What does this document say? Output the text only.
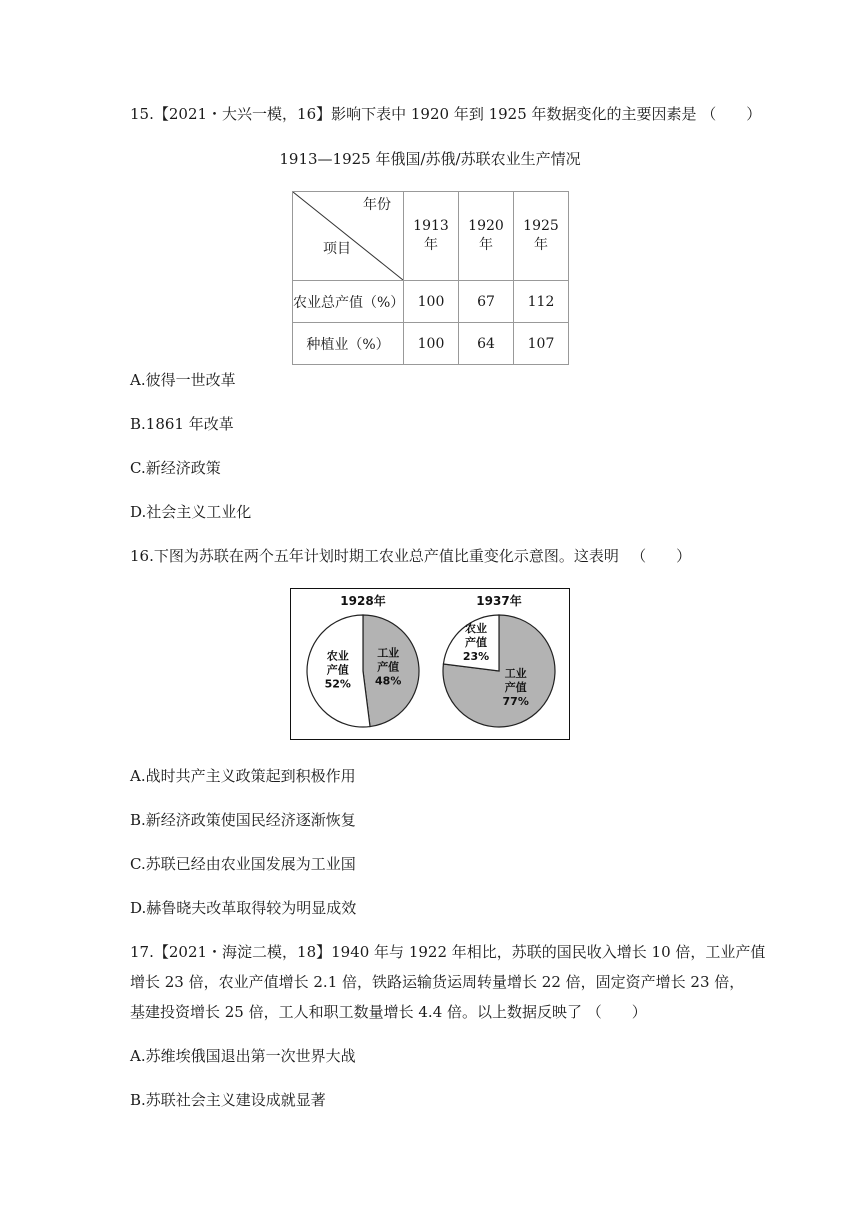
15.【2021・大兴一模，16】影响下表中 1920 年到 1925 年数据变化的主要因素是 （　　）
1913—1925 年俄国/苏俄/苏联农业生产情况
年份
项目	1913 年	1920 年	1925 年
农业总产值（%）	100	67	112
种植业（%）	100	64	107
A.彼得一世改革
B.1861 年改革
C.新经济政策
D.社会主义工业化
16.下图为苏联在两个五年计划时期工农业总产值比重变化示意图。这表明 　（　　）
工业
产值
48%
农业
产值
52%
1928年
工业
产值
77%
农业
产值
23%
1937年
A.战时共产主义政策起到积极作用
B.新经济政策使国民经济逐渐恢复
C.苏联已经由农业国发展为工业国
D.赫鲁晓夫改革取得较为明显成效
17.【2021・海淀二模，18】1940 年与 1922 年相比，苏联的国民收入增长 10 倍，工业产值
增长 23 倍，农业产值增长 2.1 倍，铁路运输货运周转量增长 22 倍，固定资产增长 23 倍，
基建投资增长 25 倍，工人和职工数量增长 4.4 倍。以上数据反映了 （　　）
A.苏维埃俄国退出第一次世界大战
B.苏联社会主义建设成就显著
